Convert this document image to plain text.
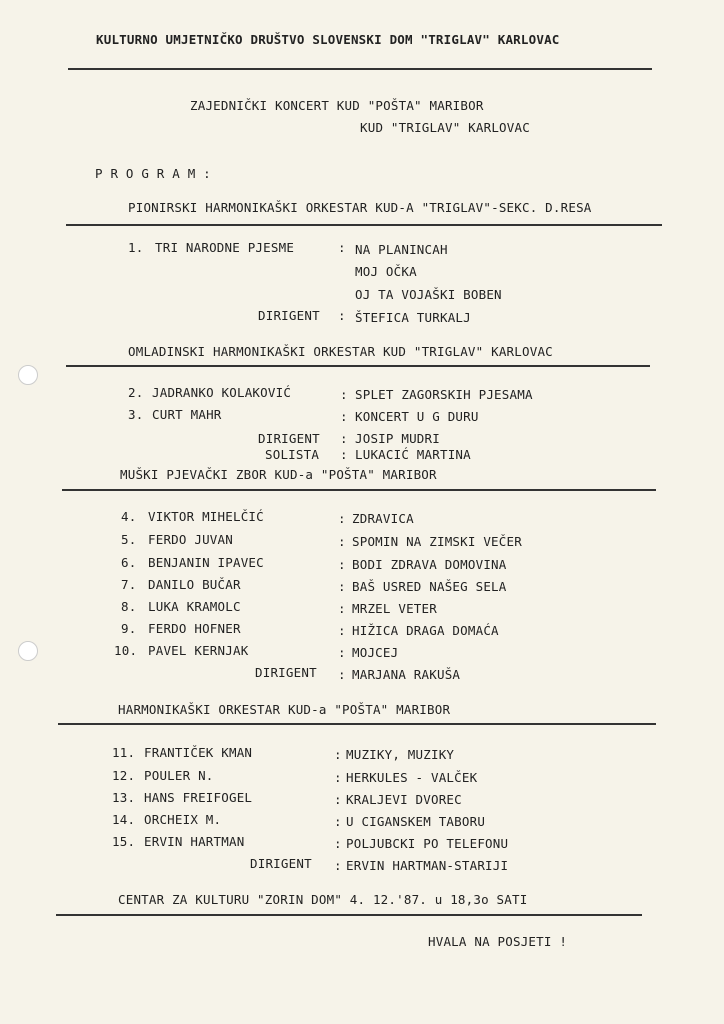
KULTURNO UMJETNIČKO DRUŠTVO SLOVENSKI DOM "TRIGLAV" KARLOVAC
ZAJEDNIČKI KONCERT KUD "POŠTA" MARIBOR
KUD "TRIGLAV" KARLOVAC
P R O G R A M :
PIONIRSKI HARMONIKAŠKI ORKESTAR KUD-A "TRIGLAV"-SEKC. D.RESA
1. TRI NARODNE PJESME	: NA PLANINCAH
MOJ OČKA
OJ TA VOJAŠKI BOBEN
DIRIGENT : ŠTEFICA TURKALJ
OMLADINSKI HARMONIKAŠKI ORKESTAR KUD "TRIGLAV" KARLOVAC
2. JADRANKO KOLAKOVIĆ	: SPLET ZAGORSKIH PJESAMA
3. CURT MAHR	: KONCERT U G DURU
DIRIGENT : JOSIP MUDRI
SOLISTA : LUKACIĆ MARTINA
MUŠKI PJEVAČKI ZBOR KUD-a "POŠTA" MARIBOR
4. VIKTOR MIHELČIĆ	: ZDRAVICA
5. FERDO JUVAN	: SPOMIN NA ZIMSKI VEČER
6. BENJANIN IPAVEC	: BODI ZDRAVA DOMOVINA
7. DANILO BUČAR	: BAŠ USRED NAŠEG SELA
8. LUKA KRAMOLC	: MRZEL VETER
9. FERDO HOFNER	: HIŽICA DRAGA DOMAĆA
10. PAVEL KERNJAK	: MOJCEJ
DIRIGENT : MARJANA RAKUŠA
HARMONIKAŠKI ORKESTAR KUD-a "POŠTA" MARIBOR
11. FRANTIČEK KMAN	: MUZIKY, MUZIKY
12. POULER N.	: HERKULES - VALČEK
13. HANS FREIFOGEL	: KRALJEVI DVOREC
14. ORCHEIX M.	: U CIGANSKEM TABORU
15. ERVIN HARTMAN	: POLJUBCKI PO TELEFONU
DIRIGENT : ERVIN HARTMAN-STARIJI
CENTAR ZA KULTURU "ZORIN DOM" 4. 12.'87. u 18,3o SATI
HVALA NA POSJETI !
